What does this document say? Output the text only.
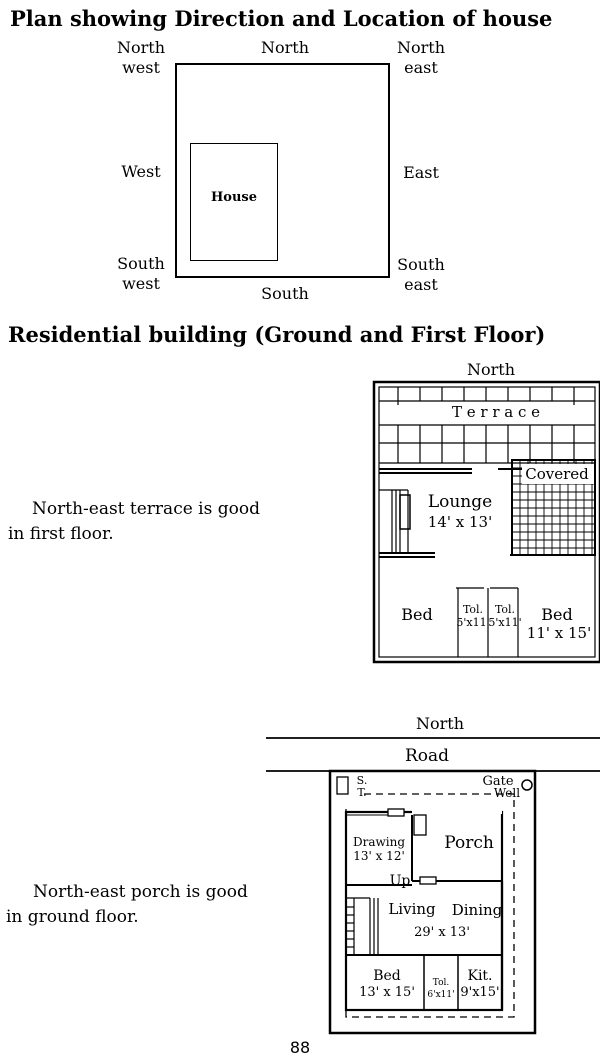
Plan showing Direction and Location of house
House
North
west
North	North
east
West	East
South
west
South
South
east
Residential building (Ground and First Floor)
North-east terrace is good
in first floor.
North
T e r r a c e
Covered
Lounge
14' x 13'
Bed	Tol.
5'x11'
Tol.
5'x11' Bed
11' x 15'
North-east porch is good
in ground floor.
North
Road
S.
T.
Gate
Well
Drawing
13' x 12'
Porch
Up
Living Dining
29' x 13'
Bed
13' x 15'
Tol.
6'x11'
Kit.
9'x15'
88
